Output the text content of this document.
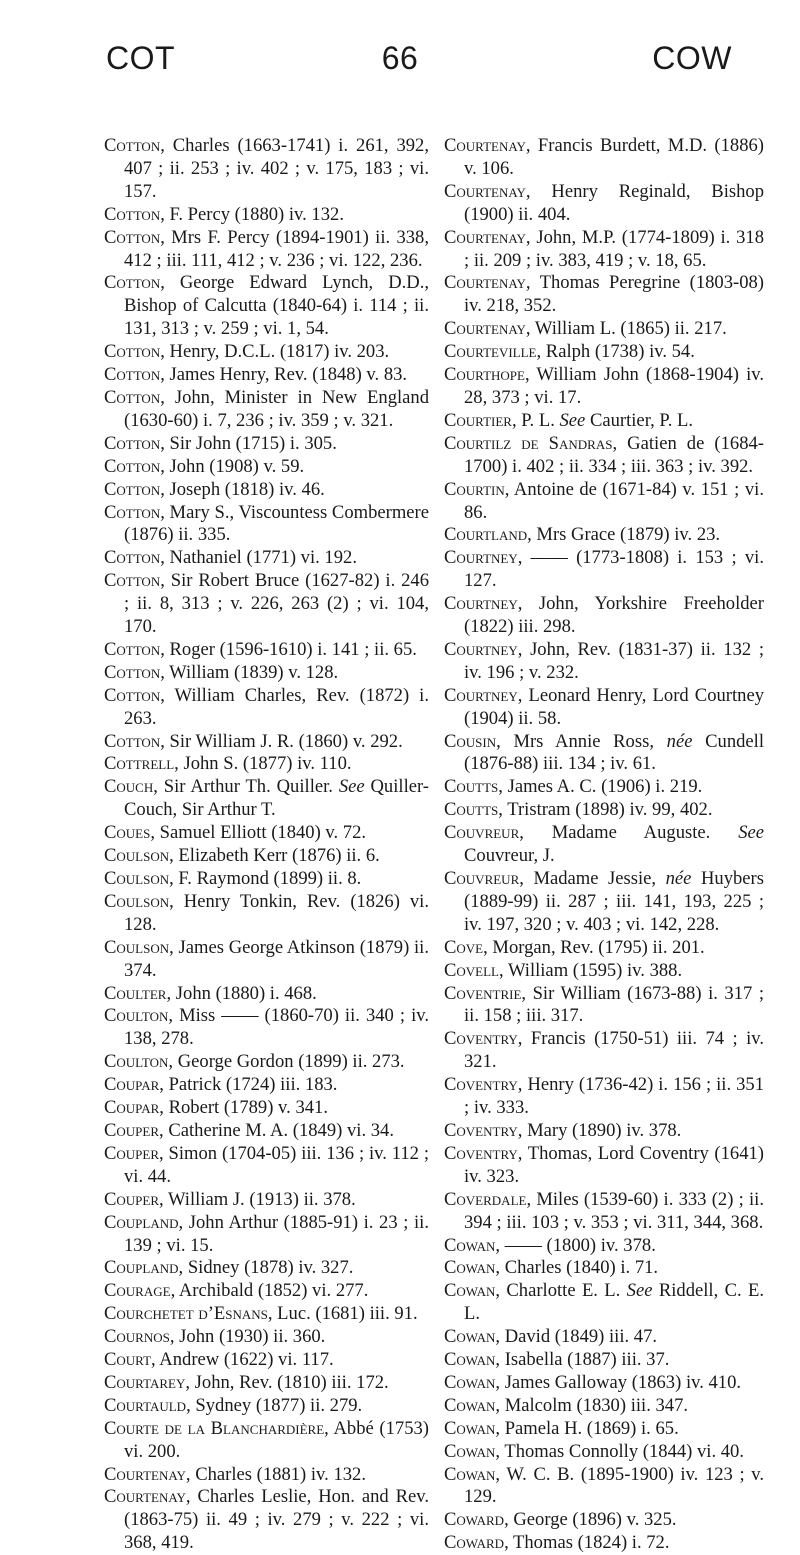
66
COT	COW

Cotton, Charles (1663-1741) i. 261, 392, 407 ; ii. 253 ; iv. 402 ; v. 175, 183 ; vi. 157.

Cotton, F. Percy (1880) iv. 132.

Cotton, Mrs F. Percy (1894-1901) ii. 338, 412 ; iii. 111, 412 ; v. 236 ; vi. 122, 236.

Cotton, George Edward Lynch, D.D., Bishop of Calcutta (1840-64) i. 114 ; ii. 131, 313 ; v. 259 ; vi. 1, 54.

Cotton, Henry, D.C.L. (1817) iv. 203.

Cotton, James Henry, Rev. (1848) v. 83.

Cotton, John, Minister in New England (1630-60) i. 7, 236 ; iv. 359 ; v. 321.

Cotton, Sir John (1715) i. 305.

Cotton, John (1908) v. 59.

Cotton, Joseph (1818) iv. 46.

Cotton, Mary S., Viscountess Combermere (1876) ii. 335.

Cotton, Nathaniel (1771) vi. 192.

Cotton, Sir Robert Bruce (1627-82) i. 246 ; ii. 8, 313 ; v. 226, 263 (2) ; vi. 104, 170.

Cotton, Roger (1596-1610) i. 141 ; ii. 65.

Cotton, William (1839) v. 128.

Cotton, William Charles, Rev. (1872) i. 263.

Cotton, Sir William J. R. (1860) v. 292.

Cottrell, John S. (1877) iv. 110.

Couch, Sir Arthur Th. Quiller. See Quiller-Couch, Sir Arthur T.

Coues, Samuel Elliott (1840) v. 72.

Coulson, Elizabeth Kerr (1876) ii. 6.

Coulson, F. Raymond (1899) ii. 8.

Coulson, Henry Tonkin, Rev. (1826) vi. 128.

Coulson, James George Atkinson (1879) ii. 374.

Coulter, John (1880) i. 468.

Coulton, Miss —— (1860-70) ii. 340 ; iv. 138, 278.

Coulton, George Gordon (1899) ii. 273.

Coupar, Patrick (1724) iii. 183.

Coupar, Robert (1789) v. 341.

Couper, Catherine M. A. (1849) vi. 34.

Couper, Simon (1704-05) iii. 136 ; iv. 112 ; vi. 44.

Couper, William J. (1913) ii. 378.

Coupland, John Arthur (1885-91) i. 23 ; ii. 139 ; vi. 15.

Coupland, Sidney (1878) iv. 327.

Courage, Archibald (1852) vi. 277.

Courchetet d’Esnans, Luc. (1681) iii. 91.

Cournos, John (1930) ii. 360.

Court, Andrew (1622) vi. 117.

Courtarey, John, Rev. (1810) iii. 172.

Courtauld, Sydney (1877) ii. 279.

Courte de la Blanchardière, Abbé (1753) vi. 200.

Courtenay, Charles (1881) iv. 132.

Courtenay, Charles Leslie, Hon. and Rev. (1863-75) ii. 49 ; iv. 279 ; v. 222 ; vi. 368, 419.

Courtenay, Francis Burdett, M.D. (1886) v. 106.

Courtenay, Henry Reginald, Bishop (1900) ii. 404.

Courtenay, John, M.P. (1774-1809) i. 318 ; ii. 209 ; iv. 383, 419 ; v. 18, 65.

Courtenay, Thomas Peregrine (1803-08) iv. 218, 352.

Courtenay, William L. (1865) ii. 217.

Courteville, Ralph (1738) iv. 54.

Courthope, William John (1868-1904) iv. 28, 373 ; vi. 17.

Courtier, P. L. See Caurtier, P. L.

Courtilz de Sandras, Gatien de (1684-1700) i. 402 ; ii. 334 ; iii. 363 ; iv. 392.

Courtin, Antoine de (1671-84) v. 151 ; vi. 86.

Courtland, Mrs Grace (1879) iv. 23.

Courtney, —— (1773-1808) i. 153 ; vi. 127.

Courtney, John, Yorkshire Freeholder (1822) iii. 298.

Courtney, John, Rev. (1831-37) ii. 132 ; iv. 196 ; v. 232.

Courtney, Leonard Henry, Lord Courtney (1904) ii. 58.

Cousin, Mrs Annie Ross, née Cundell (1876-88) iii. 134 ; iv. 61.

Coutts, James A. C. (1906) i. 219.

Coutts, Tristram (1898) iv. 99, 402.

Couvreur, Madame Auguste. See Couvreur, J.

Couvreur, Madame Jessie, née Huybers (1889-99) ii. 287 ; iii. 141, 193, 225 ; iv. 197, 320 ; v. 403 ; vi. 142, 228.

Cove, Morgan, Rev. (1795) ii. 201.

Covell, William (1595) iv. 388.

Coventrie, Sir William (1673-88) i. 317 ; ii. 158 ; iii. 317.

Coventry, Francis (1750-51) iii. 74 ; iv. 321.

Coventry, Henry (1736-42) i. 156 ; ii. 351 ; iv. 333.

Coventry, Mary (1890) iv. 378.

Coventry, Thomas, Lord Coventry (1641) iv. 323.

Coverdale, Miles (1539-60) i. 333 (2) ; ii. 394 ; iii. 103 ; v. 353 ; vi. 311, 344, 368.

Cowan, —— (1800) iv. 378.

Cowan, Charles (1840) i. 71.

Cowan, Charlotte E. L. See Riddell, C. E. L.

Cowan, David (1849) iii. 47.

Cowan, Isabella (1887) iii. 37.

Cowan, James Galloway (1863) iv. 410.

Cowan, Malcolm (1830) iii. 347.

Cowan, Pamela H. (1869) i. 65.

Cowan, Thomas Connolly (1844) vi. 40.

Cowan, W. C. B. (1895-1900) iv. 123 ; v. 129.

Coward, George (1896) v. 325.

Coward, Thomas (1824) i. 72.
